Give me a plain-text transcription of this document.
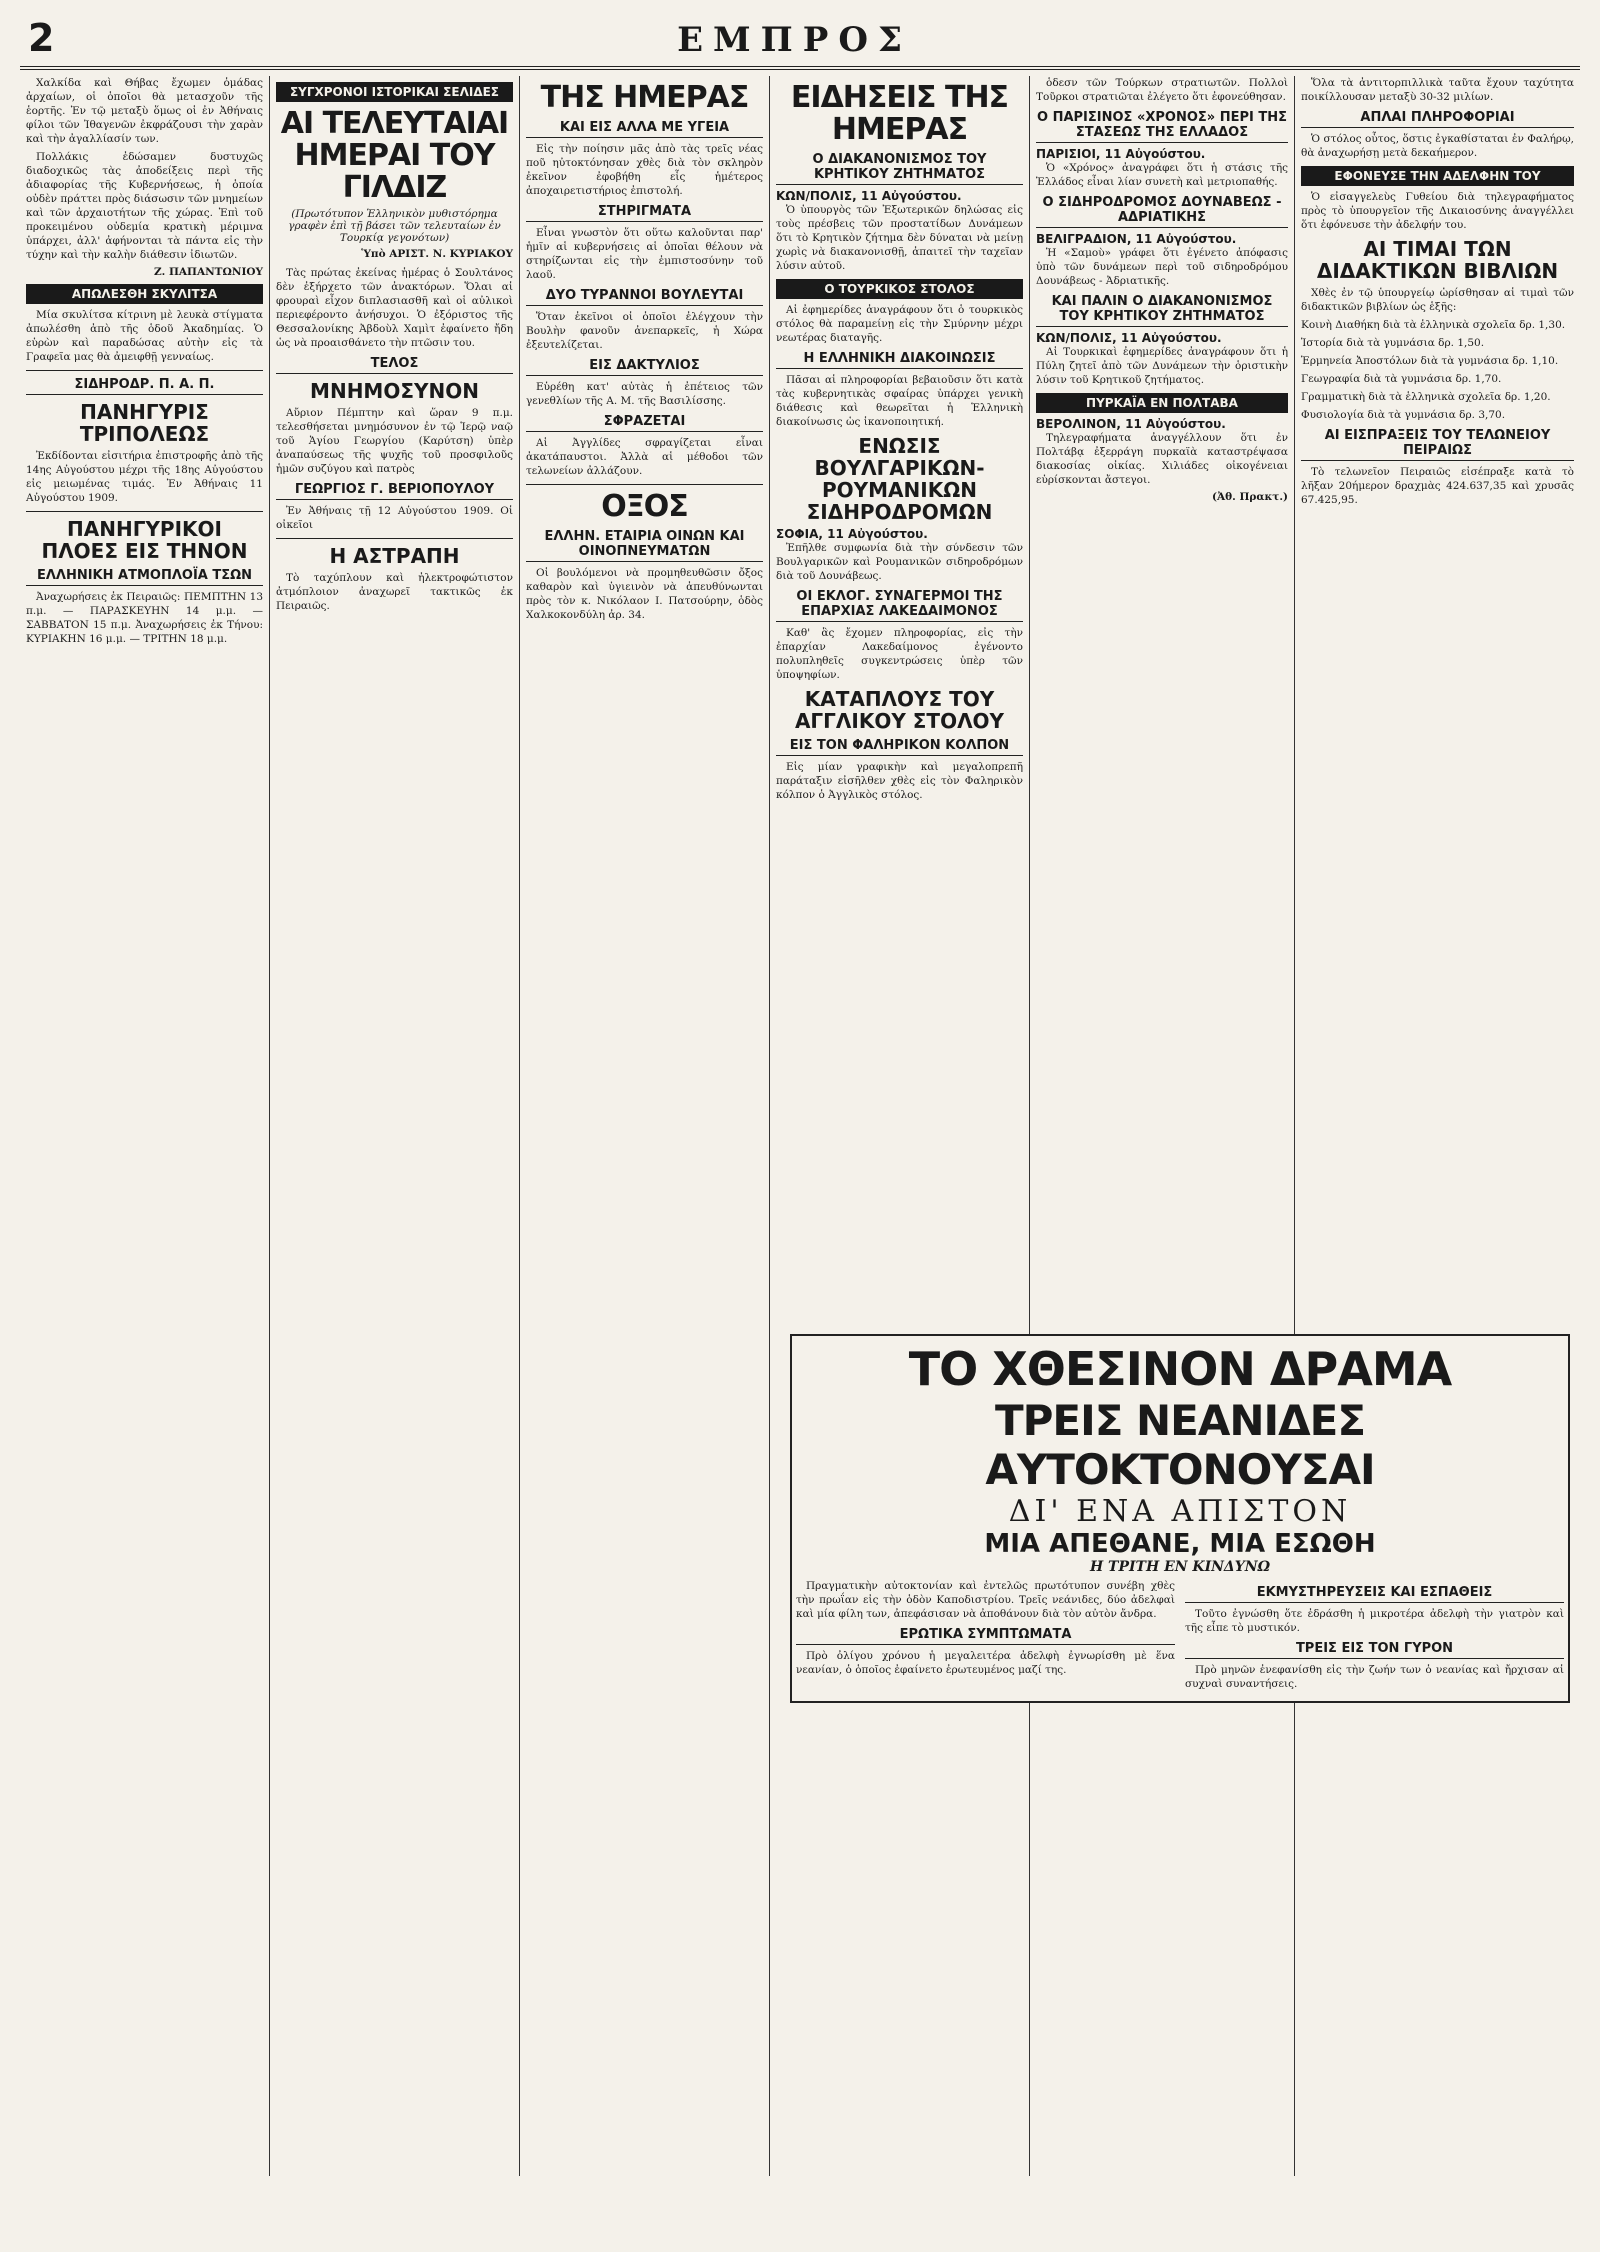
2	ΕΜΠΡΟΣ

Χαλκίδα καὶ Θήβας ἔχωμεν ὁμάδας ἀρχαίων, οἱ ὁποῖοι θὰ μετασχοῦν τῆς ἑορτῆς. Ἐν τῷ μεταξὺ ὅμως οἱ ἐν Ἀθήναις φίλοι τῶν Ἰθαγενῶν ἐκφράζουσι τὴν χαρὰν καὶ τὴν ἀγαλλίασίν των.

Πολλάκις ἐδώσαμεν δυστυχῶς διαδοχικῶς τὰς ἀποδείξεις περὶ τῆς ἀδιαφορίας τῆς Κυβερνήσεως, ἡ ὁποία οὐδὲν πράττει πρὸς διάσωσιν τῶν μνημείων καὶ τῶν ἀρχαιοτήτων τῆς χώρας. Ἐπὶ τοῦ προκειμένου οὐδεμία κρατικὴ μέριμνα ὑπάρχει, ἀλλ' ἀφήνονται τὰ πάντα εἰς τὴν τύχην καὶ τὴν καλὴν διάθεσιν ἰδιωτῶν.

Ζ. ΠΑΠΑΝΤΩΝΙΟΥ
ΑΠΩΛΕΣΘΗ ΣΚΥΛΙΤΣΑ

Μία σκυλίτσα κίτρινη μὲ λευκὰ στίγματα ἀπωλέσθη ἀπὸ τῆς ὁδοῦ Ἀκαδημίας. Ὁ εὑρὼν καὶ παραδώσας αὐτὴν εἰς τὰ Γραφεῖα μας θὰ ἀμειφθῇ γενναίως.

ΣΙΔΗΡΟΔΡ. Π. Α. Π.
ΠΑΝΗΓΥΡΙΣ ΤΡΙΠΟΛΕΩΣ

Ἐκδίδονται εἰσιτήρια ἐπιστροφῆς ἀπὸ τῆς 14ης Αὐγούστου μέχρι τῆς 18ης Αὐγούστου εἰς μειωμένας τιμάς. Ἐν Ἀθήναις 11 Αὐγούστου 1909.

ΠΑΝΗΓΥΡΙΚΟΙ ΠΛΟΕΣ ΕΙΣ ΤΗΝΟΝ
ΕΛΛΗΝΙΚΗ ΑΤΜΟΠΛΟΪΑ ΤΣΩΝ

Ἀναχωρήσεις ἐκ Πειραιῶς: ΠΕΜΠΤΗΝ 13 π.μ. — ΠΑΡΑΣΚΕΥΗΝ 14 μ.μ. — ΣΑΒΒΑΤΟΝ 15 π.μ. Ἀναχωρήσεις ἐκ Τήνου: ΚΥΡΙΑΚΗΝ 16 μ.μ. — ΤΡΙΤΗΝ 18 μ.μ.

ΣΥΓΧΡΟΝΟΙ ΙΣΤΟΡΙΚΑΙ ΣΕΛΙΔΕΣ
ΑΙ ΤΕΛΕΥΤΑΙΑΙ ΗΜΕΡΑΙ ΤΟΥ ΓΙΛΔΙΖ
(Πρωτότυπον Ἑλληνικὸν μυθιστόρημα γραφὲν ἐπὶ τῇ βάσει τῶν τελευταίων ἐν Τουρκίᾳ γεγονότων)
Ὑπὸ ΑΡΙΣΤ. Ν. ΚΥΡΙΑΚΟΥ

Τὰς πρώτας ἐκείνας ἡμέρας ὁ Σουλτάνος δὲν ἐξήρχετο τῶν ἀνακτόρων. Ὅλαι αἱ φρουραὶ εἶχον διπλασιασθῆ καὶ οἱ αὐλικοὶ περιεφέροντο ἀνήσυχοι. Ὁ ἐξόριστος τῆς Θεσσαλονίκης Ἀβδοὺλ Χαμὶτ ἐφαίνετο ἤδη ὡς νὰ προαισθάνετο τὴν πτῶσιν του.

ΤΕΛΟΣ
ΜΝΗΜΟΣΥΝΟΝ

Αὔριον Πέμπτην καὶ ὥραν 9 π.μ. τελεσθήσεται μνημόσυνον ἐν τῷ Ἱερῷ ναῷ τοῦ Ἁγίου Γεωργίου (Καρύτση) ὑπὲρ ἀναπαύσεως τῆς ψυχῆς τοῦ προσφιλοῦς ἡμῶν συζύγου καὶ πατρὸς

ΓΕΩΡΓΙΟΣ Γ. ΒΕΡΙΟΠΟΥΛΟΥ

Ἐν Ἀθήναις τῇ 12 Αὐγούστου 1909. Οἱ οἰκεῖοι

Η ΑΣΤΡΑΠΗ

Τὸ ταχύπλουν καὶ ἠλεκτροφώτιστον ἀτμόπλοιον ἀναχωρεῖ τακτικῶς ἐκ Πειραιῶς.

ΤΗΣ ΗΜΕΡΑΣ
ΚΑΙ ΕΙΣ ΑΛΛΑ ΜΕ ΥΓΕΙΑ

Εἰς τὴν ποίησιν μᾶς ἀπὸ τὰς τρεῖς νέας ποῦ ηὐτοκτόνησαν χθὲς διὰ τὸν σκληρὸν ἐκεῖνον ἐφοβήθη εἷς ἡμέτερος ἀποχαιρετιστήριος ἐπιστολή.

ΣΤΗΡΙΓΜΑΤΑ

Εἶναι γνωστὸν ὅτι οὕτω καλοῦνται παρ' ἡμῖν αἱ κυβερνήσεις αἱ ὁποῖαι θέλουν νὰ στηρίζωνται εἰς τὴν ἐμπιστοσύνην τοῦ λαοῦ.

ΔΥΟ ΤΥΡΑΝΝΟΙ ΒΟΥΛΕΥΤΑΙ

Ὅταν ἐκεῖνοι οἱ ὁποῖοι ἐλέγχουν τὴν Βουλὴν φανοῦν ἀνεπαρκεῖς, ἡ Χώρα ἐξευτελίζεται.

ΕΙΣ ΔΑΚΤΥΛΙΟΣ

Εὑρέθη κατ' αὐτὰς ἡ ἐπέτειος τῶν γενεθλίων τῆς Α. Μ. τῆς Βασιλίσσης.

ΣΦΡΑΖΕΤΑΙ

Αἱ Ἀγγλίδες σφραγίζεται εἶναι ἀκατάπαυστοι. Ἀλλὰ αἱ μέθοδοι τῶν τελωνείων ἀλλάζουν.

ΟΞΟΣ
ΕΛΛΗΝ. ΕΤΑΙΡΙΑ ΟΙΝΩΝ ΚΑΙ ΟΙΝΟΠΝΕΥΜΑΤΩΝ

Οἱ βουλόμενοι νὰ προμηθευθῶσιν ὄξος καθαρὸν καὶ ὑγιεινὸν νὰ ἀπευθύνωνται πρὸς τὸν κ. Νικόλαον Ι. Πατσούρην, ὁδὸς Χαλκοκονδύλη ἀρ. 34.

ΕΙΔΗΣΕΙΣ ΤΗΣ ΗΜΕΡΑΣ
Ο ΔΙΑΚΑΝΟΝΙΣΜΟΣ ΤΟΥ ΚΡΗΤΙΚΟΥ ΖΗΤΗΜΑΤΟΣ
ΚΩΝ/ΠΟΛΙΣ, 11 Αὐγούστου.

Ὁ ὑπουργὸς τῶν Ἐξωτερικῶν δηλώσας εἰς τοὺς πρέσβεις τῶν προστατίδων Δυνάμεων ὅτι τὸ Κρητικὸν ζήτημα δὲν δύναται νὰ μείνῃ χωρὶς νὰ διακανονισθῇ, ἀπαιτεῖ τὴν ταχεῖαν λύσιν αὐτοῦ.

Ο ΤΟΥΡΚΙΚΟΣ ΣΤΟΛΟΣ

Αἱ ἐφημερίδες ἀναγράφουν ὅτι ὁ τουρκικὸς στόλος θὰ παραμείνῃ εἰς τὴν Σμύρνην μέχρι νεωτέρας διαταγῆς.

Η ΕΛΛΗΝΙΚΗ ΔΙΑΚΟΙΝΩΣΙΣ

Πᾶσαι αἱ πληροφορίαι βεβαιοῦσιν ὅτι κατὰ τὰς κυβερνητικὰς σφαίρας ὑπάρχει γενικὴ διάθεσις καὶ θεωρεῖται ἡ Ἑλληνικὴ διακοίνωσις ὡς ἱκανοποιητική.

ΕΝΩΣΙΣ ΒΟΥΛΓΑΡΙΚΩΝ-ΡΟΥΜΑΝΙΚΩΝ ΣΙΔΗΡΟΔΡΟΜΩΝ
ΣΟΦΙΑ, 11 Αὐγούστου.

Ἐπῆλθε συμφωνία διὰ τὴν σύνδεσιν τῶν Βουλγαρικῶν καὶ Ρουμανικῶν σιδηροδρόμων διὰ τοῦ Δουνάβεως.

ΟΙ ΕΚΛΟΓ. ΣΥΝΑΓΕΡΜΟΙ ΤΗΣ ΕΠΑΡΧΙΑΣ ΛΑΚΕΔΑΙΜΟΝΟΣ

Καθ' ἃς ἔχομεν πληροφορίας, εἰς τὴν ἐπαρχίαν Λακεδαίμονος ἐγένοντο πολυπληθεῖς συγκεντρώσεις ὑπὲρ τῶν ὑποψηφίων.

ΚΑΤΑΠΛΟΥΣ ΤΟΥ ΑΓΓΛΙΚΟΥ ΣΤΟΛΟΥ
ΕΙΣ ΤΟΝ ΦΑΛΗΡΙΚΟΝ ΚΟΛΠΟΝ

Εἰς μίαν γραφικὴν καὶ μεγαλοπρεπῆ παράταξιν εἰσῆλθεν χθὲς εἰς τὸν Φαληρικὸν κόλπον ὁ Ἀγγλικὸς στόλος.

ὁδεσν τῶν Τούρκων στρατιωτῶν. Πολλοὶ Τοῦρκοι στρατιῶται ἐλέγετο ὅτι ἐφονεύθησαν.

Ο ΠΑΡΙΣΙΝΟΣ «ΧΡΟΝΟΣ» ΠΕΡΙ ΤΗΣ ΣΤΑΣΕΩΣ ΤΗΣ ΕΛΛΑΔΟΣ
ΠΑΡΙΣΙΟΙ, 11 Αὐγούστου.

Ὁ «Χρόνος» ἀναγράφει ὅτι ἡ στάσις τῆς Ἑλλάδος εἶναι λίαν συνετὴ καὶ μετριοπαθής.

Ο ΣΙΔΗΡΟΔΡΟΜΟΣ ΔΟΥΝΑΒΕΩΣ - ΑΔΡΙΑΤΙΚΗΣ
ΒΕΛΙΓΡΑΔΙΟΝ, 11 Αὐγούστου.

Ἡ «Σαμοὺ» γράφει ὅτι ἐγένετο ἀπόφασις ὑπὸ τῶν δυνάμεων περὶ τοῦ σιδηροδρόμου Δουνάβεως - Ἀδριατικῆς.

ΚΑΙ ΠΑΛΙΝ Ο ΔΙΑΚΑΝΟΝΙΣΜΟΣ ΤΟΥ ΚΡΗΤΙΚΟΥ ΖΗΤΗΜΑΤΟΣ
ΚΩΝ/ΠΟΛΙΣ, 11 Αὐγούστου.

Αἱ Τουρκικαὶ ἐφημερίδες ἀναγράφουν ὅτι ἡ Πύλη ζητεῖ ἀπὸ τῶν Δυνάμεων τὴν ὁριστικὴν λύσιν τοῦ Κρητικοῦ ζητήματος.

ΠΥΡΚΑΪΑ ΕΝ ΠΟΛΤΑΒΑ
ΒΕΡΟΛΙΝΟΝ, 11 Αὐγούστου.

Τηλεγραφήματα ἀναγγέλλουν ὅτι ἐν Πολτάβᾳ ἐξερράγη πυρκαϊὰ καταστρέψασα διακοσίας οἰκίας. Χιλιάδες οἰκογένειαι εὑρίσκονται ἄστεγοι.

(Ἀθ. Πρακτ.)

Ὅλα τὰ ἀντιτορπιλλικὰ ταῦτα ἔχουν ταχύτητα ποικίλλουσαν μεταξὺ 30-32 μιλίων.

ΑΠΛΑΙ ΠΛΗΡΟΦΟΡΙΑΙ

Ὁ στόλος οὗτος, ὅστις ἐγκαθίσταται ἐν Φαλήρῳ, θὰ ἀναχωρήσῃ μετὰ δεκαήμερον.

ΕΦΟΝΕΥΣΕ ΤΗΝ ΑΔΕΛΦΗΝ ΤΟΥ

Ὁ εἰσαγγελεὺς Γυθείου διὰ τηλεγραφήματος πρὸς τὸ ὑπουργεῖον τῆς Δικαιοσύνης ἀναγγέλλει ὅτι ἐφόνευσε τὴν ἀδελφήν του.

ΑΙ ΤΙΜΑΙ ΤΩΝ ΔΙΔΑΚΤΙΚΩΝ ΒΙΒΛΙΩΝ

Χθὲς ἐν τῷ ὑπουργείῳ ὡρίσθησαν αἱ τιμαὶ τῶν διδακτικῶν βιβλίων ὡς ἑξῆς:

Κοινὴ Διαθήκη διὰ τὰ ἑλληνικὰ σχολεῖα δρ. 1,30.

Ἱστορία διὰ τὰ γυμνάσια δρ. 1,50.

Ἑρμηνεία Ἀποστόλων διὰ τὰ γυμνάσια δρ. 1,10.

Γεωγραφία διὰ τὰ γυμνάσια δρ. 1,70.

Γραμματικὴ διὰ τὰ ἑλληνικὰ σχολεῖα δρ. 1,20.

Φυσιολογία διὰ τὰ γυμνάσια δρ. 3,70.

ΑΙ ΕΙΣΠΡΑΞΕΙΣ ΤΟΥ ΤΕΛΩΝΕΙΟΥ ΠΕΙΡΑΙΩΣ

Τὸ τελωνεῖον Πειραιῶς εἰσέπραξε κατὰ τὸ λῆξαν 20ήμερον δραχμὰς 424.637,35 καὶ χρυσᾶς 67.425,95.

ΤΟ ΧΘΕΣΙΝΟΝ ΔΡΑΜΑ
ΤΡΕΙΣ ΝΕΑΝΙΔΕΣ ΑΥΤΟΚΤΟΝΟΥΣΑΙ
ΔΙ' ΕΝΑ ΑΠΙΣΤΟΝ
ΜΙΑ ΑΠΕΘΑΝΕ, ΜΙΑ ΕΣΩΘΗ
Η ΤΡΙΤΗ ΕΝ ΚΙΝΔΥΝΩ

Πραγματικὴν αὐτοκτονίαν καὶ ἐντελῶς πρωτότυπον συνέβη χθὲς τὴν πρωΐαν εἰς τὴν ὁδὸν Καποδιστρίου. Τρεῖς νεάνιδες, δύο ἀδελφαὶ καὶ μία φίλη των, ἀπεφάσισαν νὰ ἀποθάνουν διὰ τὸν αὐτὸν ἄνδρα.

ΕΡΩΤΙΚΑ ΣΥΜΠΤΩΜΑΤΑ

Πρὸ ὀλίγου χρόνου ἡ μεγαλειτέρα ἀδελφὴ ἐγνωρίσθη μὲ ἕνα νεανίαν, ὁ ὁποῖος ἐφαίνετο ἐρωτευμένος μαζί της.

ΕΚΜΥΣΤΗΡΕΥΣΕΙΣ ΚΑΙ ΕΣΠΑΘΕΙΣ

Τοῦτο ἐγνώσθη ὅτε ἐδράσθη ἡ μικροτέρα ἀδελφὴ τὴν γιατρὸν καὶ τῆς εἶπε τὸ μυστικόν.

ΤΡΕΙΣ ΕΙΣ ΤΟΝ ΓΥΡΟΝ

Πρὸ μηνῶν ἐνεφανίσθη εἰς τὴν ζωήν των ὁ νεανίας καὶ ἤρχισαν αἱ συχναὶ συναντήσεις.
